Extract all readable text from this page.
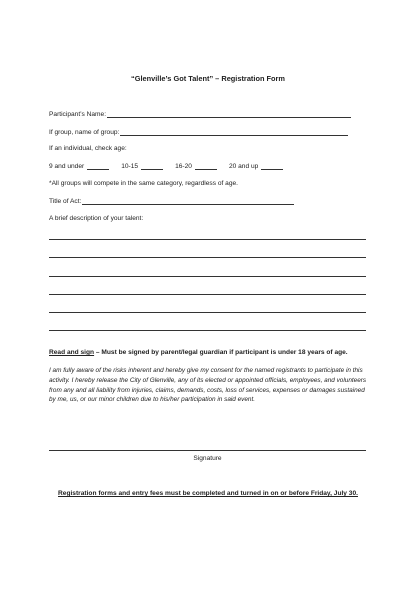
“Glenville’s Got Talent” – Registration Form
Participant’s Name:
If group, name of group:
If an individual, check age:
9 and under	10-15	16-20	20 and up
*All groups will compete in the same category, regardless of age.
Title of Act:
A brief description of your talent:
Read and sign – Must be signed by parent/legal guardian if participant is under 18 years of age.
I am fully aware of the risks inherent and hereby give my consent for the named registrants to participate in this activity. I hereby release the City of Glenville, any of its elected or appointed officials, employees, and volunteers from any and all liability from injuries, claims, demands, costs, loss of services, expenses or damages sustained by me, us, or our minor children due to his/her participation in said event.
Signature
Registration forms and entry fees must be completed and turned in on or before Friday, July 30.
